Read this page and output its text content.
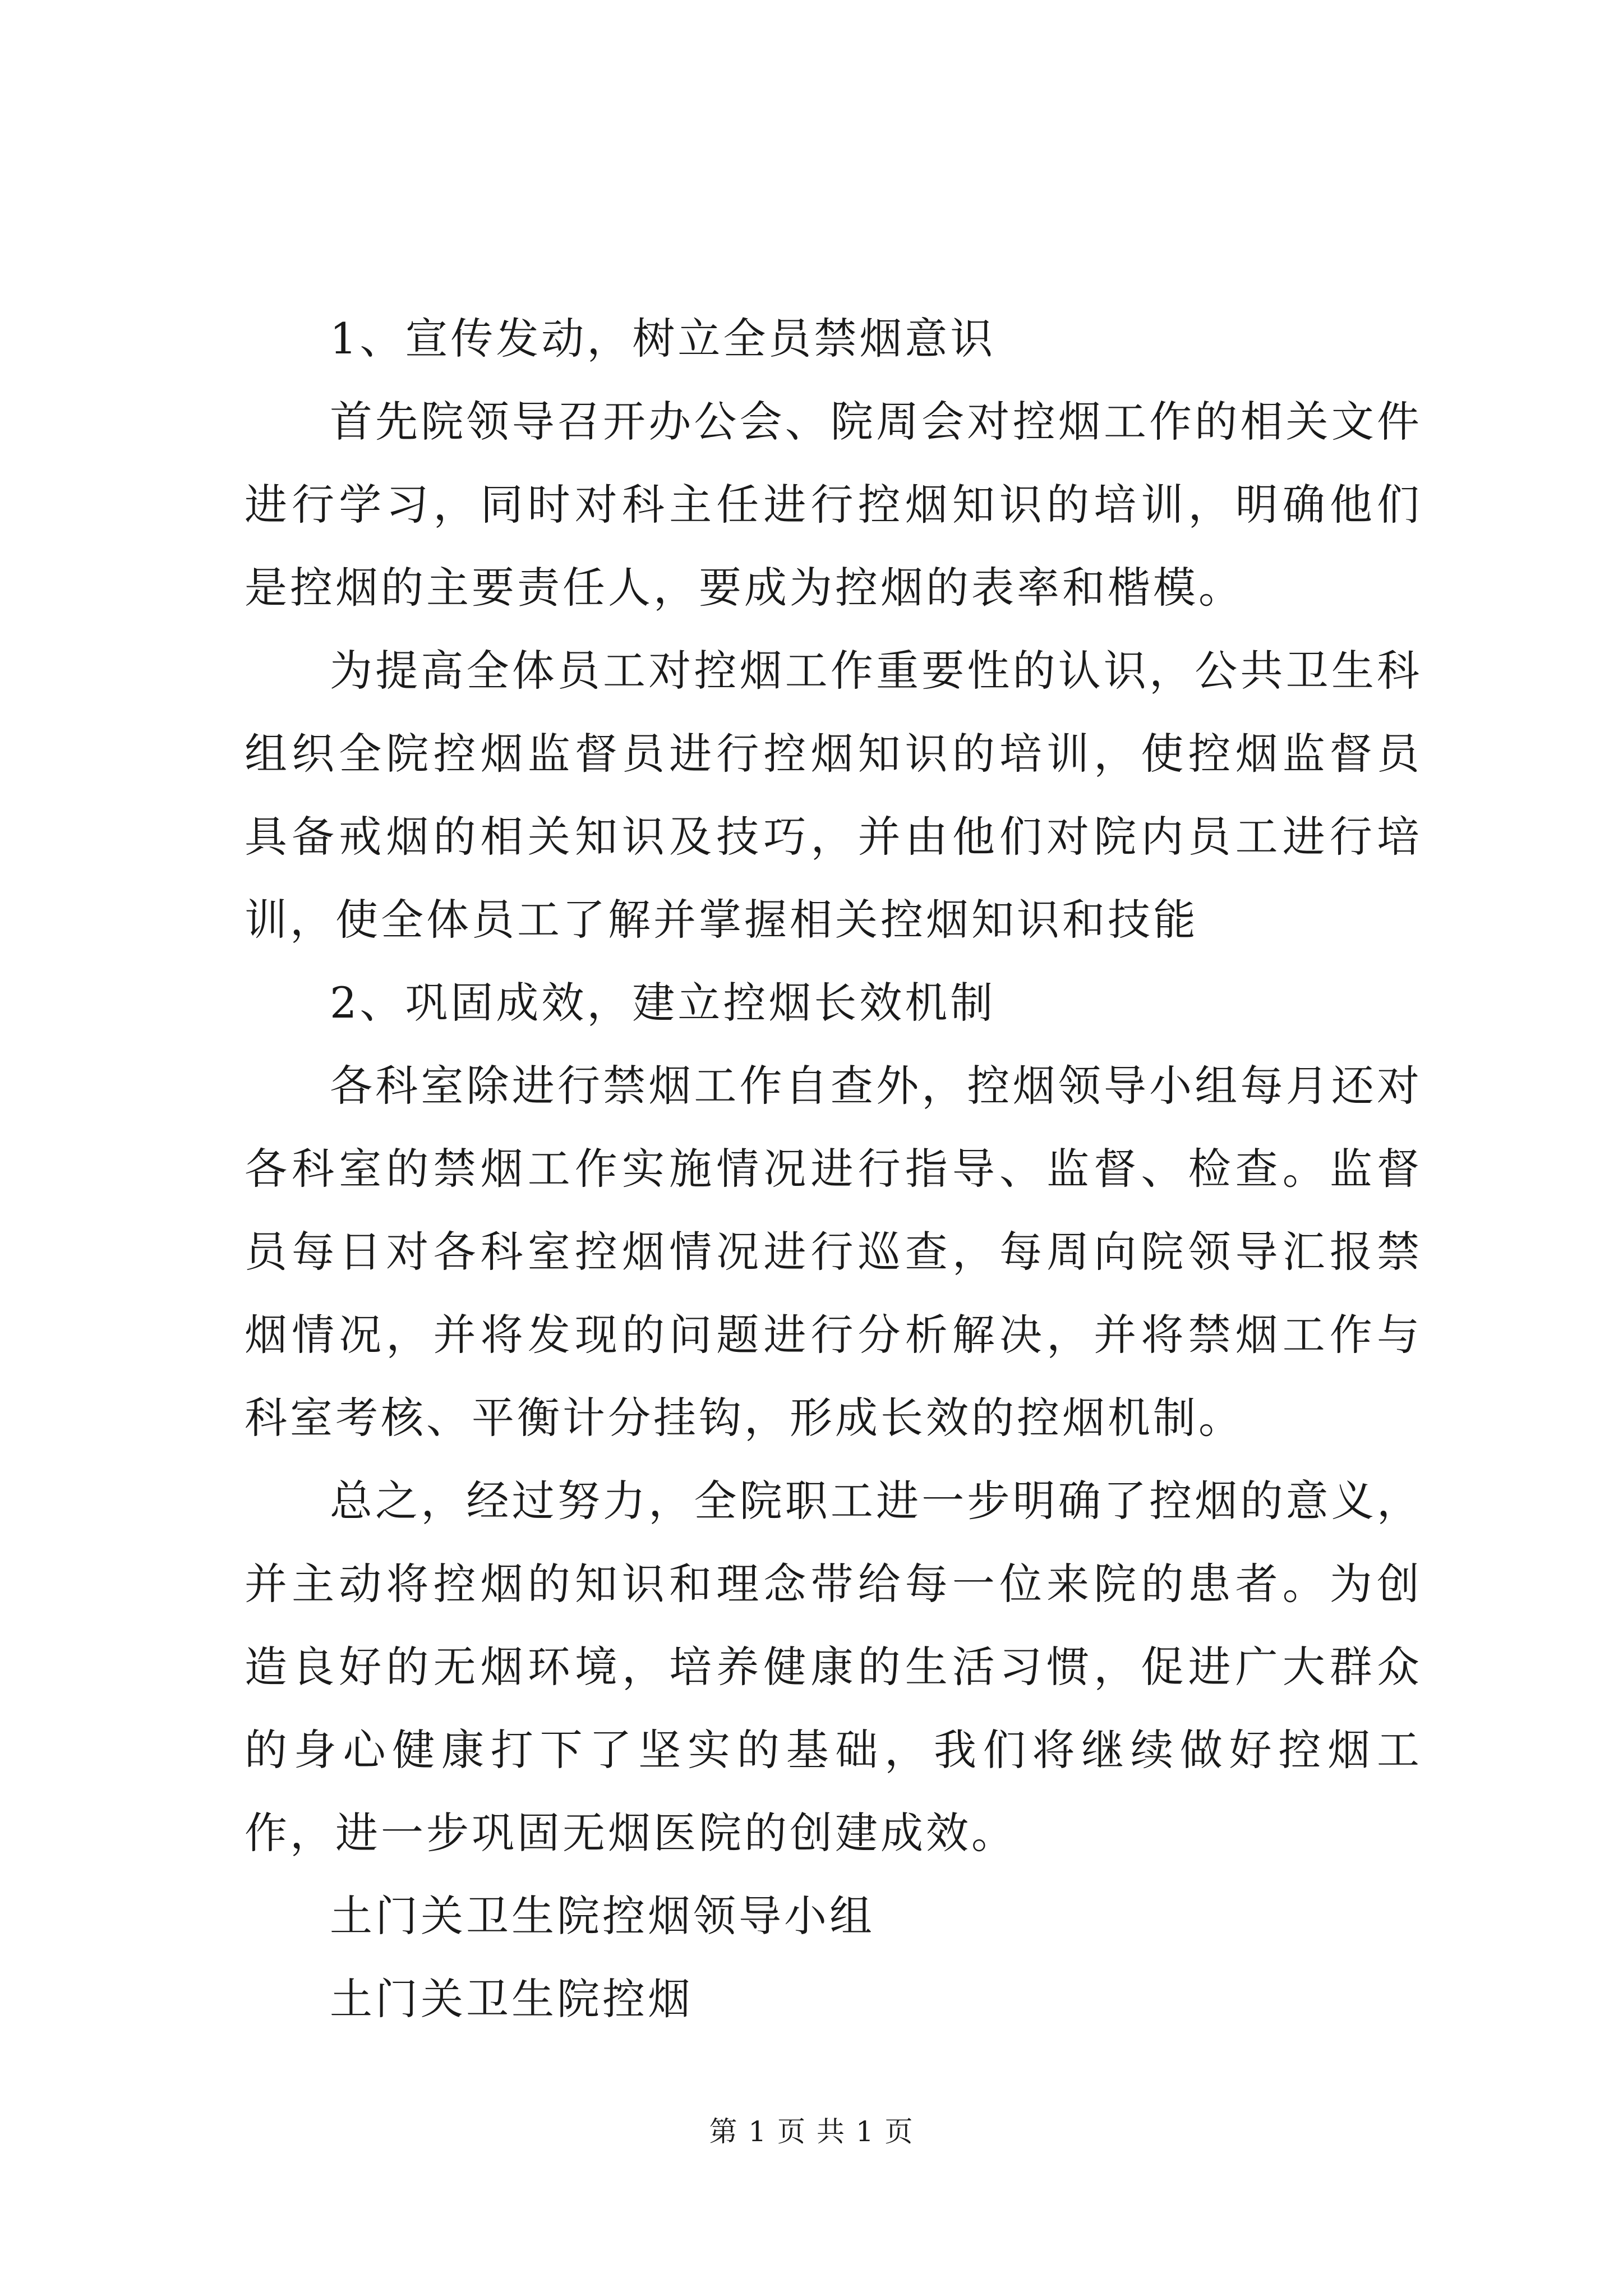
1、宣传发动，树立全员禁烟意识

首先院领导召开办公会、院周会对控烟工作的相关文件进行学习，同时对科主任进行控烟知识的培训，明确他们是控烟的主要责任人，要成为控烟的表率和楷模。

为提高全体员工对控烟工作重要性的认识，公共卫生科组织全院控烟监督员进行控烟知识的培训，使控烟监督员具备戒烟的相关知识及技巧，并由他们对院内员工进行培训，使全体员工了解并掌握相关控烟知识和技能

2、巩固成效，建立控烟长效机制

各科室除进行禁烟工作自查外，控烟领导小组每月还对各科室的禁烟工作实施情况进行指导、监督、检查。监督员每日对各科室控烟情况进行巡查，每周向院领导汇报禁烟情况，并将发现的问题进行分析解决，并将禁烟工作与科室考核、平衡计分挂钩，形成长效的控烟机制。

总之，经过努力，全院职工进一步明确了控烟的意义，并主动将控烟的知识和理念带给每一位来院的患者。为创造良好的无烟环境，培养健康的生活习惯，促进广大群众的身心健康打下了坚实的基础，我们将继续做好控烟工作，进一步巩固无烟医院的创建成效。

土门关卫生院控烟领导小组

土门关卫生院控烟

第 1 页 共 1 页
